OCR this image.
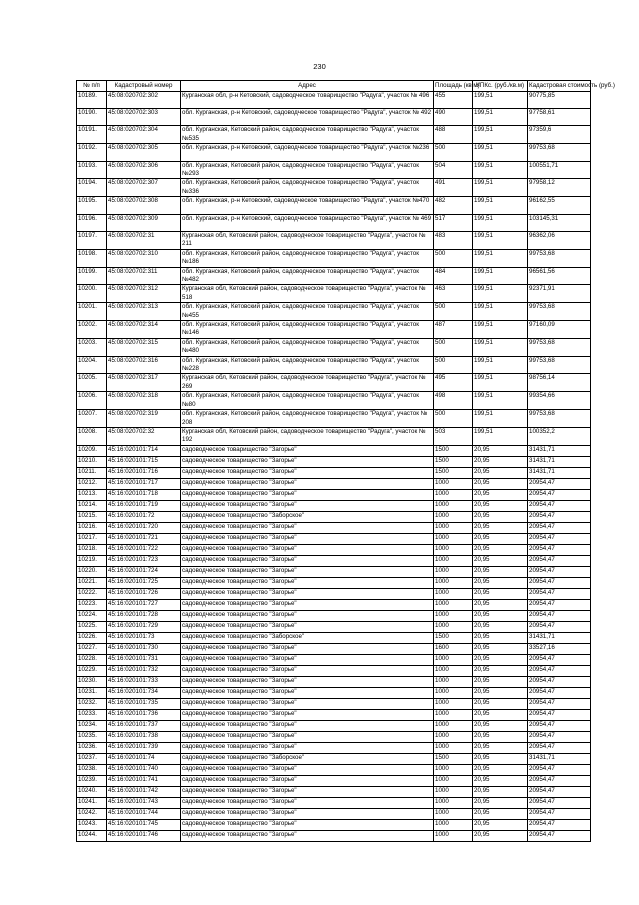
230
№ п/п	Кадастровый номер	Адрес	Площадь (кв.м)	УПКс. (руб./кв.м)	Кадастровая стоимость (руб.)
10189.	45:08:020702:302	Курганская обл, р-н Кетовский, садоводческое товарищество "Радуга", участок № 496	455	199,51	90775,85
10190.	45:08:020702:303	обл. Курганская, р-н Кетовский, садоводческое товарищество "Радуга", участок № 492	490	199,51	97758,61
10191.	45:08:020702:304	обл. Курганская, Кетовский район, садоводческое товарищество "Радуга", участок №535	488	199,51	97359,6
10192.	45:08:020702:305	обл. Курганская, р-н Кетовский, садоводческое товарищество "Радуга", участок №236	500	199,51	99753,68
10193.	45:08:020702:306	обл. Курганская, Кетовский район, садоводческое товарищество "Радуга", участок №293	504	199,51	100551,71
10194.	45:08:020702:307	обл. Курганская, Кетовский район, садоводческое товарищество "Радуга", участок №336	491	199,51	97958,12
10195.	45:08:020702:308	обл. Курганская, р-н Кетовский, садоводческое товарищество "Радуга", участок №470	482	199,51	96162,55
10196.	45:08:020702:309	обл. Курганская, р-н Кетовский, садоводческое товарищество "Радуга", участок № 469	517	199,51	103145,31
10197.	45:08:020702:31	Курганская обл, Кетовский район, садоводческое товарищество "Радуга", участок № 211	483	199,51	96362,06
10198.	45:08:020702:310	обл. Курганская, Кетовский район, садоводческое товарищество "Радуга", участок №186	500	199,51	99753,68
10199.	45:08:020702:311	обл. Курганская, Кетовский район, садоводческое товарищество "Радуга", участок №482	484	199,51	96561,56
10200.	45:08:020702:312	Курганская обл, Кетовский район, садоводческое товарищество "Радуга", участок № 518	463	199,51	92371,91
10201.	45:08:020702:313	обл. Курганская, Кетовский район, садоводческое товарищество "Радуга", участок №455	500	199,51	99753,68
10202.	45:08:020702:314	обл. Курганская, Кетовский район, садоводческое товарищество "Радуга", участок №146	487	199,51	97160,09
10203.	45:08:020702:315	обл. Курганская, Кетовский район, садоводческое товарищество "Радуга", участок №480	500	199,51	99753,68
10204.	45:08:020702:316	обл. Курганская, Кетовский район, садоводческое товарищество "Радуга", участок №228	500	199,51	99753,68
10205.	45:08:020702:317	Курганская обл, Кетовский район, садоводческое товарищество "Радуга", участок № 269	495	199,51	98756,14
10206.	45:08:020702:318	обл. Курганская, Кетовский район, садоводческое товарищество "Радуга", участок №80	498	199,51	99354,66
10207.	45:08:020702:319	обл. Курганская, Кетовский район, садоводческое товарищество "Радуга", участок № 208	500	199,51	99753,68
10208.	45:08:020702:32	Курганская обл, Кетовский район, садоводческое товарищество "Радуга", участок № 192	503	199,51	100352,2
10209.	45:16:020101:714	садоводческое товарищество "Загорье"	1500	20,95	31431,71
10210.	45:16:020101:715	садоводческое товарищество "Загорье"	1500	20,95	31431,71
10211.	45:16:020101:716	садоводческое товарищество "Загорье"	1500	20,95	31431,71
10212.	45:16:020101:717	садоводческое товарищество "Загорье"	1000	20,95	20954,47
10213.	45:16:020101:718	садоводческое товарищество "Загорье"	1000	20,95	20954,47
10214.	45:16:020101:719	садоводческое товарищество "Загорье"	1000	20,95	20954,47
10215.	45:16:020101:72	садоводческое товарищество "Заборское"	1000	20,95	20954,47
10216.	45:16:020101:720	садоводческое товарищество "Загорье"	1000	20,95	20954,47
10217.	45:16:020101:721	садоводческое товарищество "Загорье"	1000	20,95	20954,47
10218.	45:16:020101:722	садоводческое товарищество "Загорье"	1000	20,95	20954,47
10219.	45:16:020101:723	садоводческое товарищество "Загорье"	1000	20,95	20954,47
10220.	45:16:020101:724	садоводческое товарищество "Загорье"	1000	20,95	20954,47
10221.	45:16:020101:725	садоводческое товарищество "Загорье"	1000	20,95	20954,47
10222.	45:16:020101:726	садоводческое товарищество "Загорье"	1000	20,95	20954,47
10223.	45:16:020101:727	садоводческое товарищество "Загорье"	1000	20,95	20954,47
10224.	45:16:020101:728	садоводческое товарищество "Загорье"	1000	20,95	20954,47
10225.	45:16:020101:729	садоводческое товарищество "Загорье"	1000	20,95	20954,47
10226.	45:16:020101:73	садоводческое товарищество "Заборское"	1500	20,95	31431,71
10227.	45:16:020101:730	садоводческое товарищество "Загорье"	1600	20,95	33527,16
10228.	45:16:020101:731	садоводческое товарищество "Загорье"	1000	20,95	20954,47
10229.	45:16:020101:732	садоводческое товарищество "Загорье"	1000	20,95	20954,47
10230.	45:16:020101:733	садоводческое товарищество "Загорье"	1000	20,95	20954,47
10231.	45:16:020101:734	садоводческое товарищество "Загорье"	1000	20,95	20954,47
10232.	45:16:020101:735	садоводческое товарищество "Загорье"	1000	20,95	20954,47
10233.	45:16:020101:736	садоводческое товарищество "Загорье"	1000	20,95	20954,47
10234.	45:16:020101:737	садоводческое товарищество "Загорье"	1000	20,95	20954,47
10235.	45:16:020101:738	садоводческое товарищество "Загорье"	1000	20,95	20954,47
10236.	45:16:020101:739	садоводческое товарищество "Загорье"	1000	20,95	20954,47
10237.	45:16:020101:74	садоводческое товарищество "Заборское"	1500	20,95	31431,71
10238.	45:16:020101:740	садоводческое товарищество "Загорье"	1000	20,95	20954,47
10239.	45:16:020101:741	садоводческое товарищество "Загорье"	1000	20,95	20954,47
10240.	45:16:020101:742	садоводческое товарищество "Загорье"	1000	20,95	20954,47
10241.	45:16:020101:743	садоводческое товарищество "Загорье"	1000	20,95	20954,47
10242.	45:16:020101:744	садоводческое товарищество "Загорье"	1000	20,95	20954,47
10243.	45:16:020101:745	садоводческое товарищество "Загорье"	1000	20,95	20954,47
10244.	45:16:020101:746	садоводческое товарищество "Загорье"	1000	20,95	20954,47
